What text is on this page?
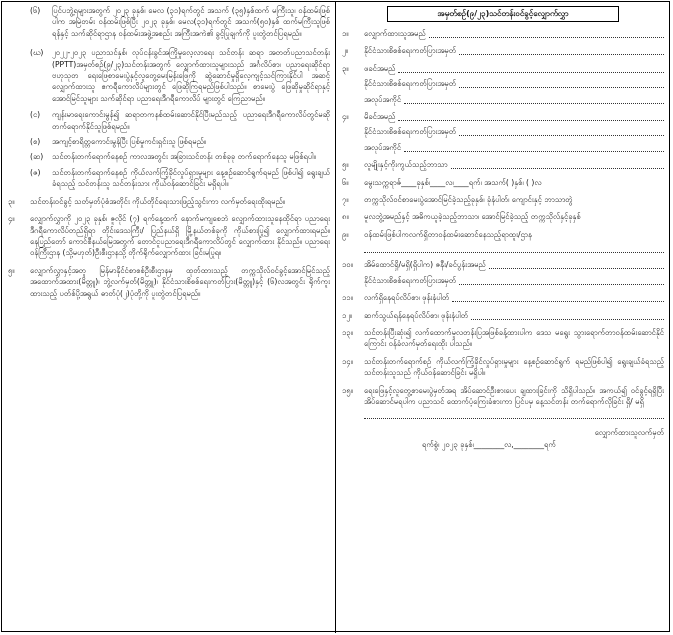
(၆)	ပြင်ပဘွဲ့ရများအတွက် ၂၀၂၃ ခုနှစ်၊ မေလ (၃၁)ရက်တွင် အသက် (၃၅)နှစ်ထက် မကြီးသူ၊ ဝန်ထမ်းဖြစ်ပါက အမြဲတမ်း ဝန်ထမ်းဖြစ်ပြီး ၂၀၂၃ ခုနှစ်၊ မေလ(၃၁)ရက်တွင် အသက်(၅၀)နှစ် ထက်မကြီးသူဖြစ်ရန်နှင့် သက်ဆိုင်ရာဌာန ဝန်ထမ်းအဖွဲ့အစည်း အကြီးအကဲ၏ ခွင့်ပြုချက်ကို ပူးတွဲတင်ပြရမည်။
(ဃ)	၂၀၂၂-၂၀၂၃ ပညာသင်နှစ်၊ လုပ်ငန်းခွင်အကြိုမှုလေ့လာရေး သင်တန်း ဆရာ အတတ်ပညာသင်တန်း (PPTT)အမှတ်စဉ်(၉/၂၃)သင်တန်းအတွက် လျှောက်ထားသူများသည် အင်္ဂလိပ်စာ၊ ပညာရေးဆိုင်ရာ ဗဟုသုတ ရေးဖြေစာမေးပွဲနှင့်လူတွေ့မေးမြန်းဖြေကို ဆွဲဆောင်မှုရှိလေ့ကျင့်သင်ကြားနိုင်ပါ အဆင့် လျှောက်ထားသူ ဧကရီကောလိပ်များတွင် ဖြေဆိုကြရမည်ဖြစ်ပါသည်။ စာမေးပွဲ ဖြေဆိုမှုဆိုင်ရာနှင့် အောင်မြင်သူများ သက်ဆိုင်ရာ ပညာရေးဒီဂရီကောလိပ် များတွင် ကြေညာမည်။
(င)	ကျန်းမာရေးကောင်းမွန်၍ ဆရာတကနစ်ထမ်းဆောင်နိုင်ပြီးမည်သည့် ပညာရေးဒီဂရီကောလိပ်တွင်မဆို တက်ရောက်နိုင်သူဖြစ်ရမည်။
(စ)	အကျင့်စာရိတ္တကောင်းမွန်ပြီး ပြစ်မှုကင်းရှင်းသူ ဖြစ်ရမည်။
(ဆ)	သင်တန်းတက်ရောက်နေစဉ် ကာလအတွင်း အခြားသင်တန်း တစ်ခုခု တက်ရောက်နေသူ မဖြစ်ရပါ။
(ဇ)	သင်တန်းတက်ရောက်နေစဉ် ကိုယ်လက်ကြံ့ခိုင်လှုပ်ရှားမှုများ နေ့စဉ်ဆောင်ရွက်ရမည် ဖြစ်ပါ၍ ရွေးချယ်ခံရသည့် သင်တန်းသူ သင်တန်းသား ကိုယ်ဝန်ဆောင်ခြင်း မရှိရပါ။
၃။	သင်တန်းဝင်ခွင့် သတ်မှတ်ပုံစံအတိုင်း ကိုယ်တိုင်ရေးသားဖြည့်သွင်းကာ လက်မှတ်ရေးထိုးရမည်။
၄။	လျှောက်လွှာကို ၂၀၂၃ ခုနှစ်၊ ဇူလိုင် (၇) ရက်နေ့ထက် နောက်မကျစေဘဲ လျှောက်ထားသူနေထိုင်ရာ ပညာရေးဒီဂရီကောလိပ်တည်ရှိရာ တိုင်းဒေသကြီး/ ပြည်နယ်ရှိ မြို့နယ်တစ်ခုကို ကိုယ်စားပြု၍ လျှောက်ထားရမည်။ နေပြည်တော် ကောင်စီနယ်မြေအတွက် တောင်ငူပညာရေးဒီဂရီကောလိပ်တွင် လျှောက်ထား နိုင်သည်။ ပညာရေးဝန်ကြီးဌာန (သို့မဟုတ်)ဦးစီးဌာနသို့ တိုက်ရိုက်လျှောက်ထား ခြင်းမပြုရ။
၅။	လျှောက်လွှာနှင့်အတူ မြန်မာနိုင်ငံစာစစ်ဦးစီးဌာနမှ ထုတ်ထားသည့် တက္ကသိုလ်ဝင်ခွင့်အောင်မြင်သည့် အထောက်အထား(မိတ္တူ)၊ ဘွဲ့လက်မှတ်(မိတ္တူ)၊ နိုင်ငံသားစိစစ်ရေးကတ်ပြား(မိတ္တူ)နှင့် (၆)လအတွင်း ရိုက်ကူးထားသည့် ပတ်စ်ပို့အရွယ် ဓာတ်ပုံ(၂)ပုံတို့ကို ပူးတွဲတင်ပြရမည်။
အမှတ်စဉ်(၉/၂၃)သင်တန်းဝင်ခွင့်လျှောက်လွှာ
၁။	လျှောက်ထားသူအမည်
၂။	နိုင်ငံသားစိစစ်ရေးကတ်ပြားအမှတ်
၃။	ဖခင်အမည်
နိုင်ငံသားစိစစ်ရေးကတ်ပြားအမှတ်
အလုပ်အကိုင်
၄။	မိခင်အမည်
နိုင်ငံသားစိစစ်ရေးကတ်ပြားအမှတ်
အလုပ်အကိုင်
၅။	လူမျိုးနှင့်ကိုးကွယ်သည့်ဘာသာ
၆။	မွေးသက္ကရာဇ်____ခုနှစ်၊____လ၊____ရက်၊ အသက်( )နှစ်၊ ( )လ
၇။	တက္ကသိုလ်ဝင်စာမေးပွဲအောင်မြင်ခဲ့သည့်ခုနှစ်၊ ခုံနံပါတ်၊ ကျောင်းနှင့် ဘာသာတွဲ
၈။	မူလဘွဲ့အမည်နှင့် အဓိကယူခဲ့သည့်ဘာသာ၊ အောင်မြင်ခဲ့သည့် တက္ကသိုလ်နှင့်ခုနှစ်
၉။	ဝန်ထမ်းဖြစ်ပါကလက်ရှိတာဝန်ထမ်းဆောင်နေသည့်ရာထူး/ဌာန
၁၀။	အိမ်ထောင်ရှိ/မရှိ(ရှိပါက) ဇနီး/ခင်ပွန်းအမည်
နိုင်ငံသားစိစစ်ရေးကတ်ပြားအမှတ်
၁၁။	လက်ရှိနေရပ်လိပ်စာ၊ ဖုန်းနံပါတ်
၁၂။	ဆက်သွယ်ရန်နေရပ်လိပ်စာ၊ ဖုန်းနံပါတ်
၁၃။	သင်တန်းပြီးဆုံး၍ လက်ထောက်မူလတန်းပြအဖြစ်ခန့်ထားပါက ဒေသ မရွေး သွားရောက်တာဝန်ထမ်းဆောင်နိုင်ကြောင်း ဝန်ခံလက်မှတ်ရေးထိုး ပါသည်။
၁၄။	သင်တန်းတက်ရောက်စဉ် ကိုယ်လက်ကြံ့ခိုင်လှုပ်ရှားမှုများ နေ့စဉ်ဆောင်ရွက် ရမည်ဖြစ်ပါ၍ ရွေးချယ်ခံရသည့် သင်တန်းသူသည် ကိုယ်ဝန်ဆောင်ခြင်း မရှိပါ။
၁၅။	ရေးဖြေနှင့်လူတွေ့စာမေးပွဲမှတ်အရ အိပ်ဆောင်ဦးစားပေး ချထားခြင်းကို သိရှိပါသည်။ အကယ်၍ ဝင်ခွင့်ရရှိပြီး အိပ်ဆောင်မရပါက ပညာသင် ထောက်ပံ့ကြေးခံစားကာ ပြင်ပမှ နေ့သင်တန်း တက်ရောက်လိုခြင်း ရှိ/ မရှိ
လျှောက်ထားသူလက်မှတ်
ရက်စွဲ၊ ၂၀၂၃ ခုနှစ်၊________လ,________ရက်
